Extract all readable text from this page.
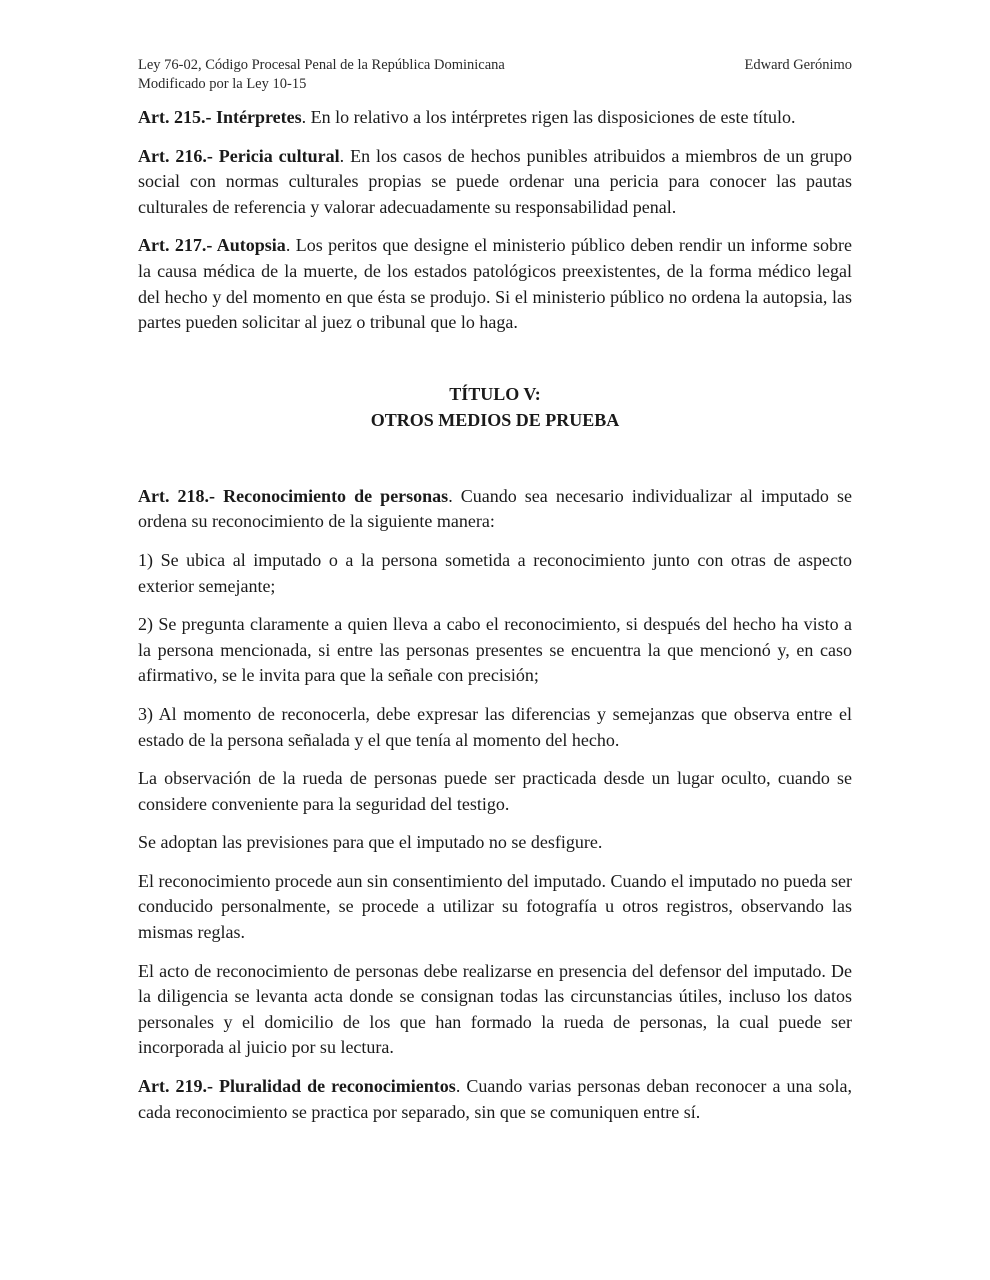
Ley 76-02, Código Procesal Penal de la República Dominicana	Edward Gerónimo
Modificado por la Ley 10-15

Art. 215.- Intérpretes. En lo relativo a los intérpretes rigen las disposiciones de este título.

Art. 216.- Pericia cultural. En los casos de hechos punibles atribuidos a miembros de un grupo social con normas culturales propias se puede ordenar una pericia para conocer las pautas culturales de referencia y valorar adecuadamente su responsabilidad penal.

Art. 217.- Autopsia. Los peritos que designe el ministerio público deben rendir un informe sobre la causa médica de la muerte, de los estados patológicos preexistentes, de la forma médico legal del hecho y del momento en que ésta se produjo. Si el ministerio público no ordena la autopsia, las partes pueden solicitar al juez o tribunal que lo haga.

TÍTULO V:
OTROS MEDIOS DE PRUEBA

Art. 218.- Reconocimiento de personas. Cuando sea necesario individualizar al imputado se ordena su reconocimiento de la siguiente manera:

1) Se ubica al imputado o a la persona sometida a reconocimiento junto con otras de aspecto exterior semejante;

2) Se pregunta claramente a quien lleva a cabo el reconocimiento, si después del hecho ha visto a la persona mencionada, si entre las personas presentes se encuentra la que mencionó y, en caso afirmativo, se le invita para que la señale con precisión;

3) Al momento de reconocerla, debe expresar las diferencias y semejanzas que observa entre el estado de la persona señalada y el que tenía al momento del hecho.

La observación de la rueda de personas puede ser practicada desde un lugar oculto, cuando se considere conveniente para la seguridad del testigo.

Se adoptan las previsiones para que el imputado no se desfigure.

El reconocimiento procede aun sin consentimiento del imputado. Cuando el imputado no pueda ser conducido personalmente, se procede a utilizar su fotografía u otros registros, observando las mismas reglas.

El acto de reconocimiento de personas debe realizarse en presencia del defensor del imputado. De la diligencia se levanta acta donde se consignan todas las circunstancias útiles, incluso los datos personales y el domicilio de los que han formado la rueda de personas, la cual puede ser incorporada al juicio por su lectura.

Art. 219.- Pluralidad de reconocimientos. Cuando varias personas deban reconocer a una sola, cada reconocimiento se practica por separado, sin que se comuniquen entre sí.
